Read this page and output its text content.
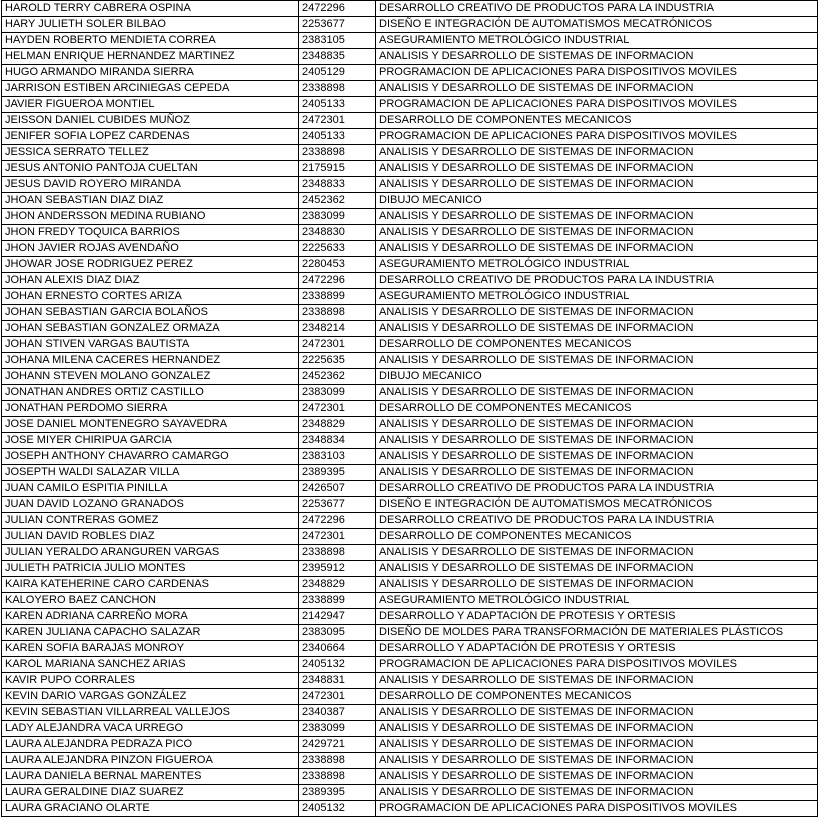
HAROLD TERRY CABRERA OSPINA	2472296	DESARROLLO CREATIVO DE PRODUCTOS PARA LA INDUSTRIA
HARY JULIETH SOLER BILBAO	2253677	DISEÑO E INTEGRACIÓN DE AUTOMATISMOS MECATRÓNICOS
HAYDEN ROBERTO MENDIETA CORREA	2383105	ASEGURAMIENTO METROLÓGICO INDUSTRIAL
HELMAN ENRIQUE HERNANDEZ MARTINEZ	2348835	ANALISIS Y DESARROLLO DE SISTEMAS DE INFORMACION
HUGO ARMANDO MIRANDA SIERRA	2405129	PROGRAMACION DE APLICACIONES PARA DISPOSITIVOS MOVILES
JARRISON ESTIBEN ARCINIEGAS CEPEDA	2338898	ANALISIS Y DESARROLLO DE SISTEMAS DE INFORMACION
JAVIER FIGUEROA MONTIEL	2405133	PROGRAMACION DE APLICACIONES PARA DISPOSITIVOS MOVILES
JEISSON DANIEL CUBIDES MUÑOZ	2472301	DESARROLLO DE COMPONENTES MECANICOS
JENIFER SOFIA LOPEZ CARDENAS	2405133	PROGRAMACION DE APLICACIONES PARA DISPOSITIVOS MOVILES
JESSICA SERRATO TELLEZ	2338898	ANALISIS Y DESARROLLO DE SISTEMAS DE INFORMACION
JESUS ANTONIO PANTOJA CUELTAN	2175915	ANALISIS Y DESARROLLO DE SISTEMAS DE INFORMACION
JESUS DAVID ROYERO MIRANDA	2348833	ANALISIS Y DESARROLLO DE SISTEMAS DE INFORMACION
JHOAN SEBASTIAN DIAZ DIAZ	2452362	DIBUJO MECANICO
JHON ANDERSSON MEDINA RUBIANO	2383099	ANALISIS Y DESARROLLO DE SISTEMAS DE INFORMACION
JHON FREDY TOQUICA BARRIOS	2348830	ANALISIS Y DESARROLLO DE SISTEMAS DE INFORMACION
JHON JAVIER ROJAS AVENDAÑO	2225633	ANALISIS Y DESARROLLO DE SISTEMAS DE INFORMACION
JHOWAR JOSE RODRIGUEZ PEREZ	2280453	ASEGURAMIENTO METROLÓGICO INDUSTRIAL
JOHAN ALEXIS DIAZ DIAZ	2472296	DESARROLLO CREATIVO DE PRODUCTOS PARA LA INDUSTRIA
JOHAN ERNESTO CORTES ARIZA	2338899	ASEGURAMIENTO METROLÓGICO INDUSTRIAL
JOHAN SEBASTIAN GARCIA BOLAÑOS	2338898	ANALISIS Y DESARROLLO DE SISTEMAS DE INFORMACION
JOHAN SEBASTIAN GONZALEZ ORMAZA	2348214	ANALISIS Y DESARROLLO DE SISTEMAS DE INFORMACION
JOHAN STIVEN VARGAS BAUTISTA	2472301	DESARROLLO DE COMPONENTES MECANICOS
JOHANA MILENA CACERES HERNANDEZ	2225635	ANALISIS Y DESARROLLO DE SISTEMAS DE INFORMACION
JOHANN STEVEN MOLANO GONZALEZ	2452362	DIBUJO MECANICO
JONATHAN ANDRES ORTIZ CASTILLO	2383099	ANALISIS Y DESARROLLO DE SISTEMAS DE INFORMACION
JONATHAN PERDOMO SIERRA	2472301	DESARROLLO DE COMPONENTES MECANICOS
JOSE DANIEL MONTENEGRO SAYAVEDRA	2348829	ANALISIS Y DESARROLLO DE SISTEMAS DE INFORMACION
JOSE MIYER CHIRIPUA GARCIA	2348834	ANALISIS Y DESARROLLO DE SISTEMAS DE INFORMACION
JOSEPH ANTHONY CHAVARRO CAMARGO	2383103	ANALISIS Y DESARROLLO DE SISTEMAS DE INFORMACION
JOSEPTH WALDI SALAZAR VILLA	2389395	ANALISIS Y DESARROLLO DE SISTEMAS DE INFORMACION
JUAN CAMILO ESPITIA PINILLA	2426507	DESARROLLO CREATIVO DE PRODUCTOS PARA LA INDUSTRIA
JUAN DAVID LOZANO GRANADOS	2253677	DISEÑO E INTEGRACIÓN DE AUTOMATISMOS MECATRÓNICOS
JULIAN CONTRERAS GOMEZ	2472296	DESARROLLO CREATIVO DE PRODUCTOS PARA LA INDUSTRIA
JULIAN DAVID ROBLES DIAZ	2472301	DESARROLLO DE COMPONENTES MECANICOS
JULIAN YERALDO ARANGUREN VARGAS	2338898	ANALISIS Y DESARROLLO DE SISTEMAS DE INFORMACION
JULIETH PATRICIA JULIO MONTES	2395912	ANALISIS Y DESARROLLO DE SISTEMAS DE INFORMACION
KAIRA KATEHERINE CARO CARDENAS	2348829	ANALISIS Y DESARROLLO DE SISTEMAS DE INFORMACION
KALOYERO BAEZ CANCHON	2338899	ASEGURAMIENTO METROLÓGICO INDUSTRIAL
KAREN ADRIANA CARREÑO MORA	2142947	DESARROLLO Y ADAPTACIÓN DE PROTESIS Y ORTESIS
KAREN JULIANA CAPACHO SALAZAR	2383095	DISEÑO DE MOLDES PARA TRANSFORMACIÓN DE MATERIALES PLÁSTICOS
KAREN SOFIA BARAJAS MONROY	2340664	DESARROLLO Y ADAPTACIÓN DE PROTESIS Y ORTESIS
KAROL MARIANA SANCHEZ ARIAS	2405132	PROGRAMACION DE APLICACIONES PARA DISPOSITIVOS MOVILES
KAVIR PUPO CORRALES	2348831	ANALISIS Y DESARROLLO DE SISTEMAS DE INFORMACION
KEVIN DARIO VARGAS GONZÁLEZ	2472301	DESARROLLO DE COMPONENTES MECANICOS
KEVIN SEBASTIAN VILLARREAL VALLEJOS	2340387	ANALISIS Y DESARROLLO DE SISTEMAS DE INFORMACION
LADY ALEJANDRA VACA URREGO	2383099	ANALISIS Y DESARROLLO DE SISTEMAS DE INFORMACION
LAURA ALEJANDRA PEDRAZA PICO	2429721	ANALISIS Y DESARROLLO DE SISTEMAS DE INFORMACION
LAURA ALEJANDRA PINZON FIGUEROA	2338898	ANALISIS Y DESARROLLO DE SISTEMAS DE INFORMACION
LAURA DANIELA BERNAL MARENTES	2338898	ANALISIS Y DESARROLLO DE SISTEMAS DE INFORMACION
LAURA GERALDINE DIAZ SUAREZ	2389395	ANALISIS Y DESARROLLO DE SISTEMAS DE INFORMACION
LAURA GRACIANO OLARTE	2405132	PROGRAMACION DE APLICACIONES PARA DISPOSITIVOS MOVILES
